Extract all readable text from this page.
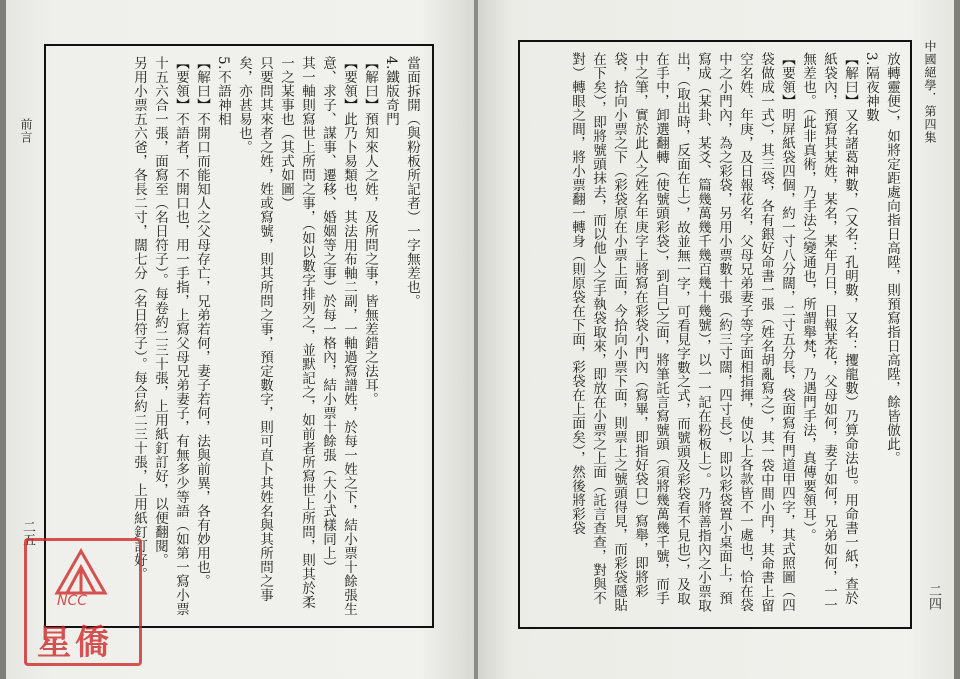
前言
二五
當面拆開（與粉板所記者）一字無差也。
4.鐵版奇門
【解曰】預知來人之姓，及所問之事，皆無差錯之法耳。
【要領】此乃卜易類也，其法用布軸二副，一軸過寫譜姓，於每一姓之下，結小票十餘張生意、求子、謀事、遷移、婚姻等之事）於每一格內，結小票十餘張（大小式樣同上）
其一軸則寫世上所問之事，（如以數字排列之，並默記之，如前者所寫世上所問，則其於柔一之某事也（其式如圖）
只要問其來者之姓，姓或寫號，則其所問之事，預定數字，則可直卜其姓名與其所問之事矣，亦甚易也。
5.不語神相
【解曰】不開口而能知人之父母存亡，兄弟若何，妻子若何，法與前異，各有妙用也。
【要領】不語者，不開口也，用一手指，上寫父母兄弟妻子，有無多少等語（如第一寫小票十五六合一張，面寫至（名日符子）。每卷約二三十張，上用紙釘訂好，以便翻閱。
另用小票五六爸，各長二寸，闊七分（名日符子）。每合約二三十張，上用紙釘訂好。
NCC
星僑
中國絕學．第四集
二四
放轉靈便），如將定距處向指日高陞，則預寫指日高陞，餘皆倣此。
3.隔夜神數
【解曰】又名諸葛神數，（又名：孔明數，又名：攫龍數）乃算命法也。用命書一紙，查於紙袋內，預寫其某姓，某名，某年月日，日報某花，父母如何，妻子如何，兄弟如何，一一無差也。（此非真術，乃手法之變通也，所謂舉梵，乃遇門手法，真傳要領耳）。
【要領】明屏紙袋四個，約一寸八分闊，二寸五分長，袋面寫有門道甲四字，其式照圖（四袋做成一式），其三袋，各有銀好命書一張（姓名胡亂寫之），其一袋中間小門，其命書上留空名姓、年庚，及日報花名，父母兄弟妻子等字面相指揮，使以上各款皆不一處也，恰在袋中之小門內，為之彩袋，另用小票數十張（約三寸闊，四寸長），即以彩袋置小桌面上，預寫成（某卦、某爻、篇幾萬幾千幾百幾十幾號），以一一記在粉板上）。乃將善指內之小票取出，（取出時，反面在上），故並無一字，可看見字數之式，而號頭及彩袋看不見也），及取在手中，卸選翻轉（使號頭彩袋），到自己之面，將筆託言寫號頭（須將幾萬幾千號，而手中之筆，實於此人之姓名年庚字上將寫在彩袋小門內（寫畢，即指好袋口）寫舉，即將彩袋，拾向小票之下（彩袋原在小票上面，今拾向小票下面，則票上之號頭得見，而彩袋隱貼在下矣），即將號頭抹去，而以他人之手執袋取來，即放在小票之上面（託言查查，對與不對）轉眼之間，將小票翻一轉身（則原袋在下面，彩袋在上面矣），然後將彩袋
